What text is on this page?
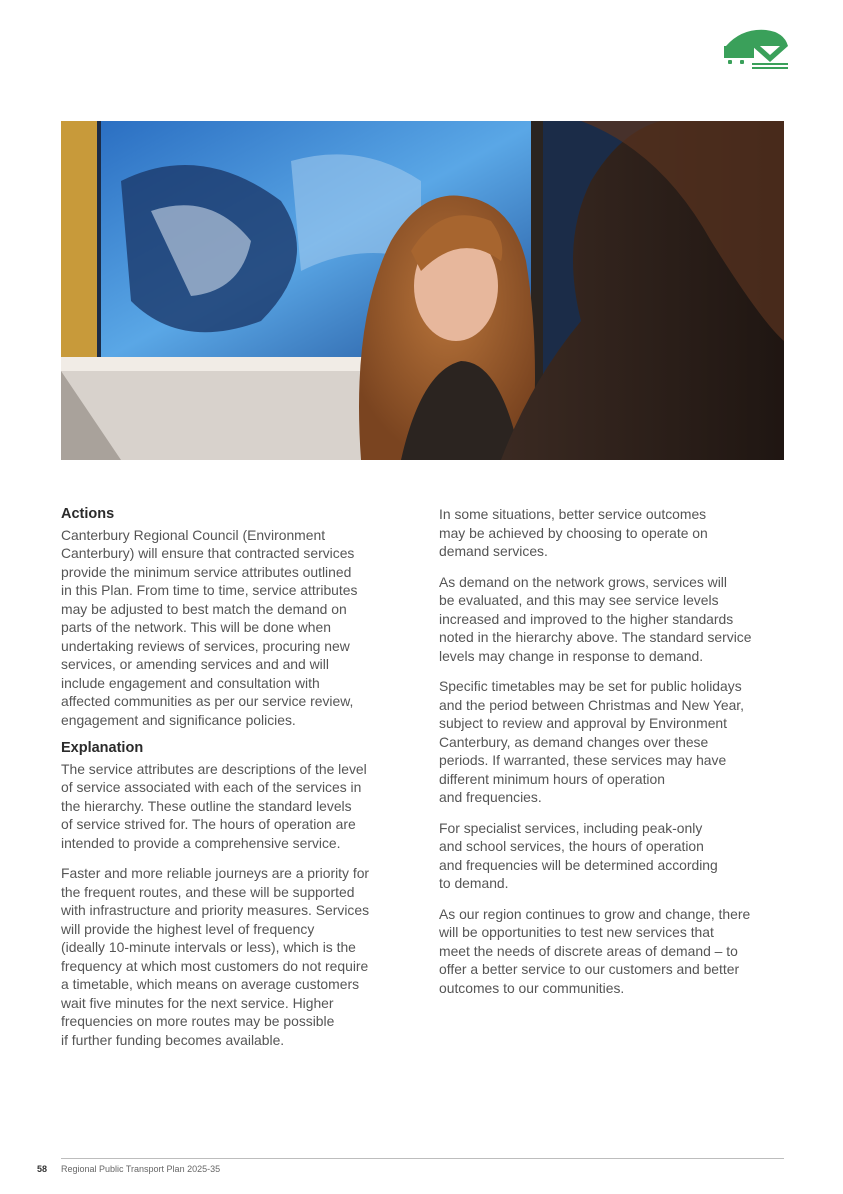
Actions

Canterbury Regional Council (Environment
Canterbury) will ensure that contracted services
provide the minimum service attributes outlined
in this Plan. From time to time, service attributes
may be adjusted to best match the demand on
parts of the network. This will be done when
undertaking reviews of services, procuring new
services, or amending services and and will
include engagement and consultation with
affected communities as per our service review,
engagement and significance policies.

Explanation

The service attributes are descriptions of the level
of service associated with each of the services in
the hierarchy. These outline the standard levels
of service strived for. The hours of operation are
intended to provide a comprehensive service.

Faster and more reliable journeys are a priority for
the frequent routes, and these will be supported
with infrastructure and priority measures. Services
will provide the highest level of frequency
(ideally 10-minute intervals or less), which is the
frequency at which most customers do not require
a timetable, which means on average customers
wait five minutes for the next service. Higher
frequencies on more routes may be possible
if further funding becomes available.

In some situations, better service outcomes
may be achieved by choosing to operate on
demand services.

As demand on the network grows, services will
be evaluated, and this may see service levels
increased and improved to the higher standards
noted in the hierarchy above. The standard service
levels may change in response to demand.

Specific timetables may be set for public holidays
and the period between Christmas and New Year,
subject to review and approval by Environment
Canterbury, as demand changes over these
periods. If warranted, these services may have
different minimum hours of operation
and frequencies.

For specialist services, including peak-only
and school services, the hours of operation
and frequencies will be determined according
to demand.

As our region continues to grow and change, there
will be opportunities to test new services that
meet the needs of discrete areas of demand – to
offer a better service to our customers and better
outcomes to our communities.

58 Regional Public Transport Plan 2025-35
